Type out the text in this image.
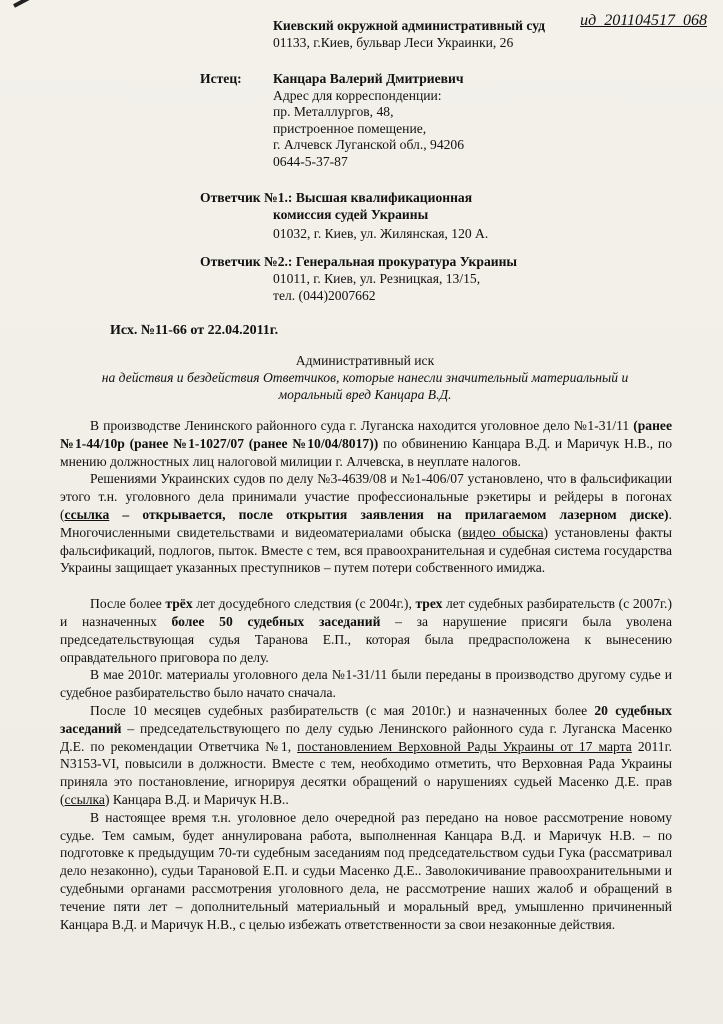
ид_201104517_068
Киевский окружной административный суд
01133, г.Киев, бульвар Леси Украинки, 26
Истец: Канцара Валерий Дмитриевич
Адрес для корреспонденции:
пр. Металлургов, 48,
пристроенное помещение,
г. Алчевск Луганской обл., 94206
0644-5-37-87
Ответчик №1.: Высшая квалификационная
комиссия судей Украины
01032, г. Киев, ул. Жилянская, 120 А.
Ответчик №2.: Генеральная прокуратура Украины
01011, г. Киев, ул. Резницкая, 13/15,
тел. (044)2007662
Исх. №11-66 от 22.04.2011г.
Административный иск
на действия и бездействия Ответчиков, которые нанесли значительный материальный и
моральный вред Канцара В.Д.

В производстве Ленинского районного суда г. Луганска находится уголовное дело №1-31/11 (ранее №1-44/10р (ранее №1-1027/07 (ранее №10/04/8017)) по обвинению Канцара В.Д. и Маричук Н.В., по мнению должностных лиц налоговой милиции г. Алчевска, в неуплате налогов.

Решениями Украинских судов по делу №3-4639/08 и №1-406/07 установлено, что в фальсификации этого т.н. уголовного дела принимали участие профессиональные рэкетиры и рейдеры в погонах (ссылка – открывается, после открытия заявления на прилагаемом лазерном диске). Многочисленными свидетельствами и видеоматериалами обыска (видео обыска) установлены факты фальсификаций, подлогов, пыток. Вместе с тем, вся правоохранительная и судебная система государства Украины защищает указанных преступников – путем потери собственного имиджа.

После более трёх лет досудебного следствия (с 2004г.), трех лет судебных разбирательств (с 2007г.) и назначенных более 50 судебных заседаний – за нарушение присяги была уволена председательствующая судья Таранова Е.П., которая была предрасположена к вынесению оправдательного приговора по делу.

В мае 2010г. материалы уголовного дела №1-31/11 были переданы в производство другому судье и судебное разбирательство было начато сначала.

После 10 месяцев судебных разбирательств (с мая 2010г.) и назначенных более 20 судебных заседаний – председательствующего по делу судью Ленинского районного суда г. Луганска Масенко Д.Е. по рекомендации Ответчика №1, постановлением Верховной Рады Украины от 17 марта 2011г. N3153-VI, повысили в должности. Вместе с тем, необходимо отметить, что Верховная Рада Украины приняла это постановление, игнорируя десятки обращений о нарушениях судьей Масенко Д.Е. прав (ссылка) Канцара В.Д. и Маричук Н.В..

В настоящее время т.н. уголовное дело очередной раз передано на новое рассмотрение новому судье. Тем самым, будет аннулирована работа, выполненная Канцара В.Д. и Маричук Н.В. – по подготовке к предыдущим 70-ти судебным заседаниям под председательством судьи Гука (рассматривал дело незаконно), судьи Тарановой Е.П. и судьи Масенко Д.Е.. Заволокичивание правоохранительными и судебными органами рассмотрения уголовного дела, не рассмотрение наших жалоб и обращений в течение пяти лет – дополнительный материальный и моральный вред, умышленно причиненный Канцара В.Д. и Маричук Н.В., с целью избежать ответственности за свои незаконные действия.
